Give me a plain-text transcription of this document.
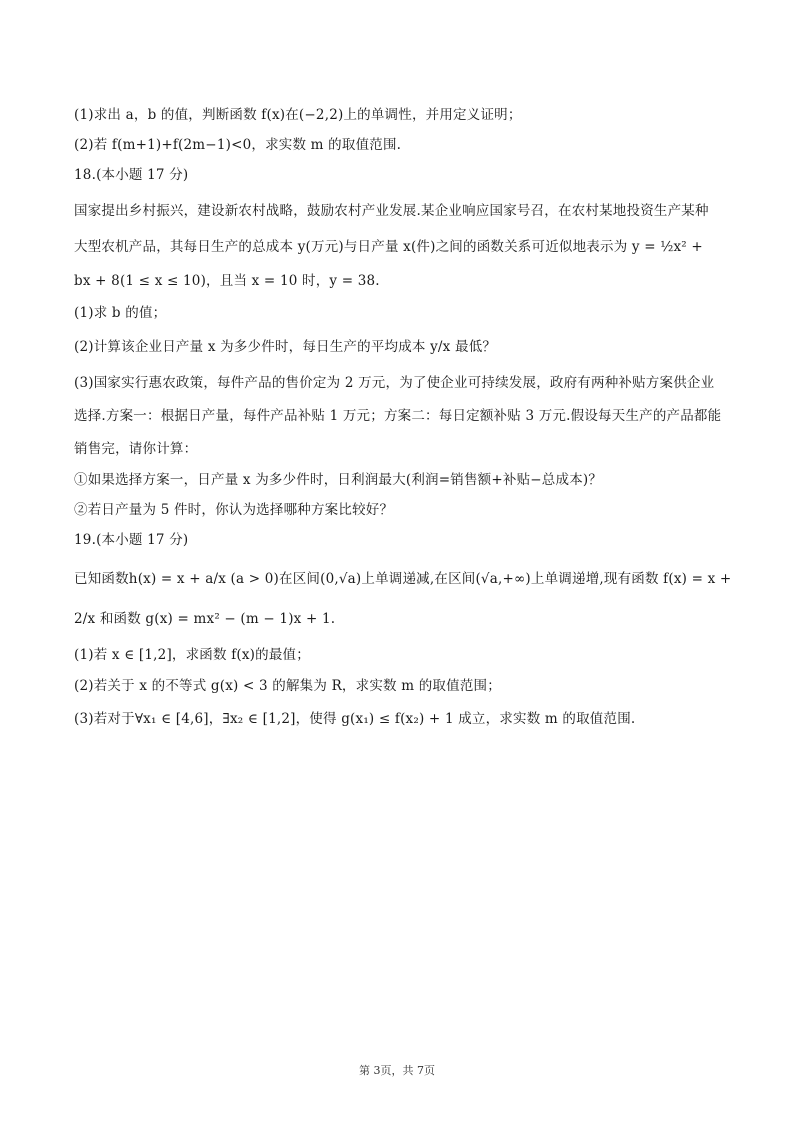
(1)求出 a，b 的值，判断函数 f(x)在(−2,2)上的单调性，并用定义证明；
(2)若 f(m+1)+f(2m−1)<0，求实数 m 的取值范围.
18.(本小题 17 分)
国家提出乡村振兴，建设新农村战略，鼓励农村产业发展.某企业响应国家号召，在农村某地投资生产某种
大型农机产品，其每日生产的总成本 y(万元)与日产量 x(件)之间的函数关系可近似地表示为 y = ½x² +
bx + 8(1 ≤ x ≤ 10)，且当 x = 10 时，y = 38.
(1)求 b 的值；
(2)计算该企业日产量 x 为多少件时，每日生产的平均成本 y/x 最低？
(3)国家实行惠农政策，每件产品的售价定为 2 万元，为了使企业可持续发展，政府有两种补贴方案供企业
选择.方案一：根据日产量，每件产品补贴 1 万元；方案二：每日定额补贴 3 万元.假设每天生产的产品都能
销售完，请你计算：
①如果选择方案一，日产量 x 为多少件时，日利润最大(利润=销售额+补贴−总成本)？
②若日产量为 5 件时，你认为选择哪种方案比较好？
19.(本小题 17 分)
已知函数h(x) = x + a/x (a > 0)在区间(0,√a)上单调递减,在区间(√a,+∞)上单调递增,现有函数 f(x) = x +
2/x 和函数 g(x) = mx² − (m − 1)x + 1.
(1)若 x ∈ [1,2]，求函数 f(x)的最值；
(2)若关于 x 的不等式 g(x) < 3 的解集为 R，求实数 m 的取值范围；
(3)若对于∀x₁ ∈ [4,6]，∃x₂ ∈ [1,2]，使得 g(x₁) ≤ f(x₂) + 1 成立，求实数 m 的取值范围.
第 3页，共 7页
